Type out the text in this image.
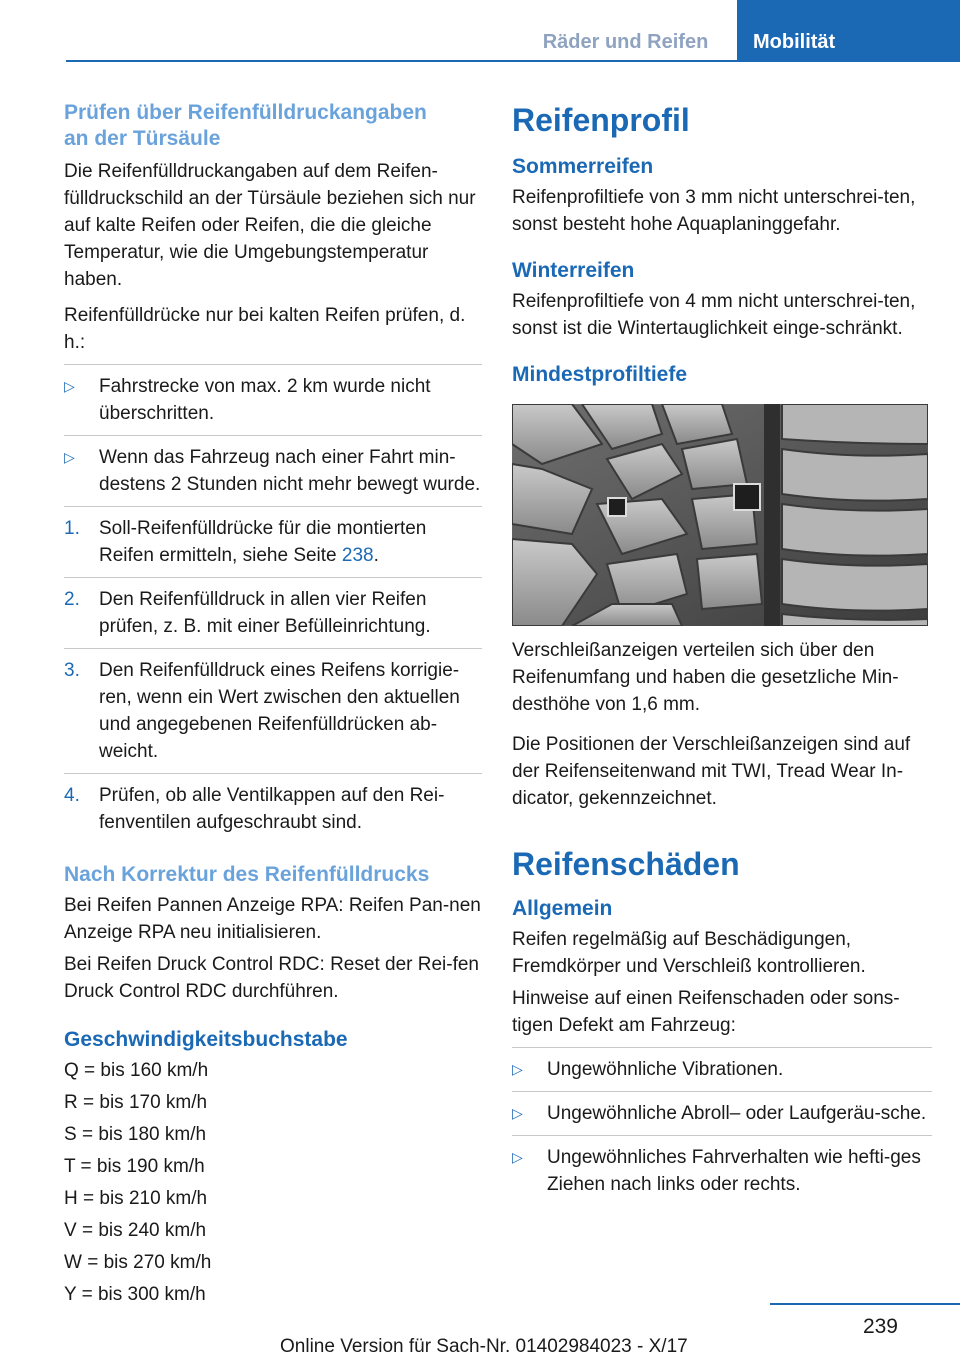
Räder und Reifen	Mobilität
Prüfen über Reifenfülldruckangaben
an der Türsäule
Die Reifenfülldruckangaben auf dem Reifen-fülldruckschild an der Türsäule beziehen sich nur auf kalte Reifen oder Reifen, die die gleiche Temperatur, wie die Umgebungstemperatur haben.
Reifenfülldrücke nur bei kalten Reifen prüfen, d. h.:
▷ Fahrstrecke von max. 2 km wurde nicht überschritten.
▷ Wenn das Fahrzeug nach einer Fahrt min-destens 2 Stunden nicht mehr bewegt wurde.
1. Soll-Reifenfülldrücke für die montierten Reifen ermitteln, siehe Seite 238.
2. Den Reifenfülldruck in allen vier Reifen prüfen, z. B. mit einer Befülleinrichtung.
3. Den Reifenfülldruck eines Reifens korrigie-ren, wenn ein Wert zwischen den aktuellen und angegebenen Reifenfülldrücken ab-weicht.
4. Prüfen, ob alle Ventilkappen auf den Rei-fenventilen aufgeschraubt sind.
Nach Korrektur des Reifenfülldrucks
Bei Reifen Pannen Anzeige RPA: Reifen Pan-nen Anzeige RPA neu initialisieren.
Bei Reifen Druck Control RDC: Reset der Rei-fen Druck Control RDC durchführen.
Geschwindigkeitsbuchstabe
Q = bis 160 km/h
R = bis 170 km/h
S = bis 180 km/h
T = bis 190 km/h
H = bis 210 km/h
V = bis 240 km/h
W = bis 270 km/h
Y = bis 300 km/h
Reifenprofil
Sommerreifen
Reifenprofiltiefe von 3 mm nicht unterschrei-ten, sonst besteht hohe Aquaplaninggefahr.
Winterreifen
Reifenprofiltiefe von 4 mm nicht unterschrei-ten, sonst ist die Wintertauglichkeit einge-schränkt.
Mindestprofiltiefe
Verschleißanzeigen verteilen sich über den Reifenumfang und haben die gesetzliche Min-desthöhe von 1,6 mm.
Die Positionen der Verschleißanzeigen sind auf der Reifenseitenwand mit TWI, Tread Wear In-dicator, gekennzeichnet.
Reifenschäden
Allgemein
Reifen regelmäßig auf Beschädigungen, Fremdkörper und Verschleiß kontrollieren.
Hinweise auf einen Reifenschaden oder sons-tigen Defekt am Fahrzeug:
▷ Ungewöhnliche Vibrationen.
▷ Ungewöhnliche Abroll– oder Laufgeräu-sche.
▷ Ungewöhnliches Fahrverhalten wie hefti-ges Ziehen nach links oder rechts.
239
Online Version für Sach-Nr. 01402984023 - X/17
